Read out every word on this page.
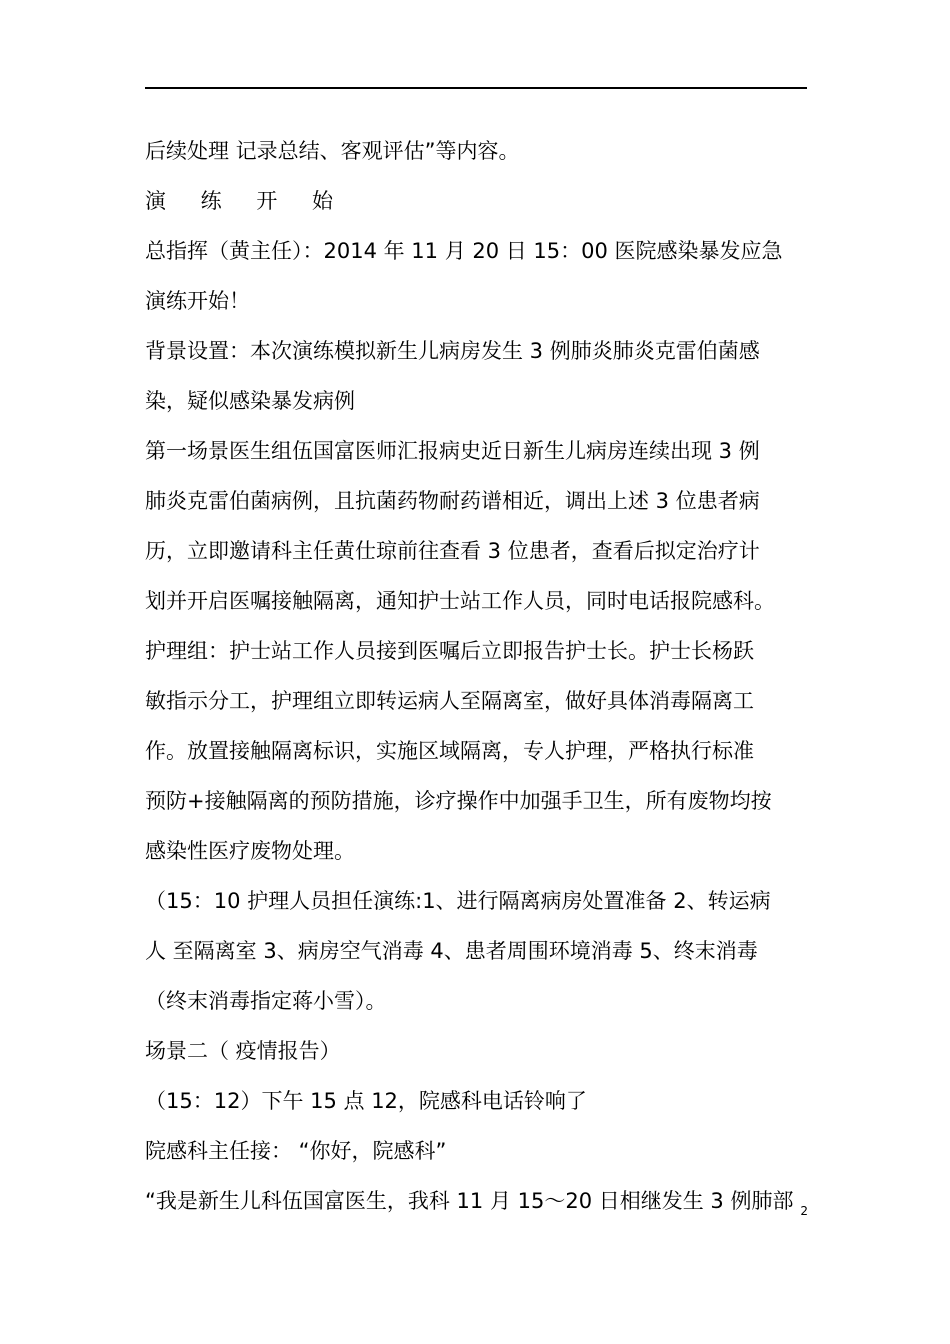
后续处理 记录总结、客观评估”等内容。
演 练 开 始
总指挥（黄主任）：2014 年 11 月 20 日 15：00 医院感染暴发应急
演练开始！
背景设置：本次演练模拟新生儿病房发生 3 例肺炎肺炎克雷伯菌感
染，疑似感染暴发病例
第一场景医生组伍国富医师汇报病史近日新生儿病房连续出现 3 例
肺炎克雷伯菌病例，且抗菌药物耐药谱相近，调出上述 3 位患者病
历，立即邀请科主任黄仕琼前往查看 3 位患者，查看后拟定治疗计
划并开启医嘱接触隔离，通知护士站工作人员，同时电话报院感科。
护理组：护士站工作人员接到医嘱后立即报告护士长。护士长杨跃
敏指示分工，护理组立即转运病人至隔离室，做好具体消毒隔离工
作。放置接触隔离标识，实施区域隔离，专人护理，严格执行标准
预防+接触隔离的预防措施，诊疗操作中加强手卫生，所有废物均按
感染性医疗废物处理。
（15：10 护理人员担任演练:1、进行隔离病房处置准备 2、转运病
人 至隔离室 3、病房空气消毒 4、患者周围环境消毒 5、终末消毒
（终末消毒指定蒋小雪）。
场景二（ 疫情报告）
（15：12）下午 15 点 12，院感科电话铃响了
院感科主任接： “你好，院感科”
“我是新生儿科伍国富医生，我科 11 月 15～20 日相继发生 3 例肺部 2
